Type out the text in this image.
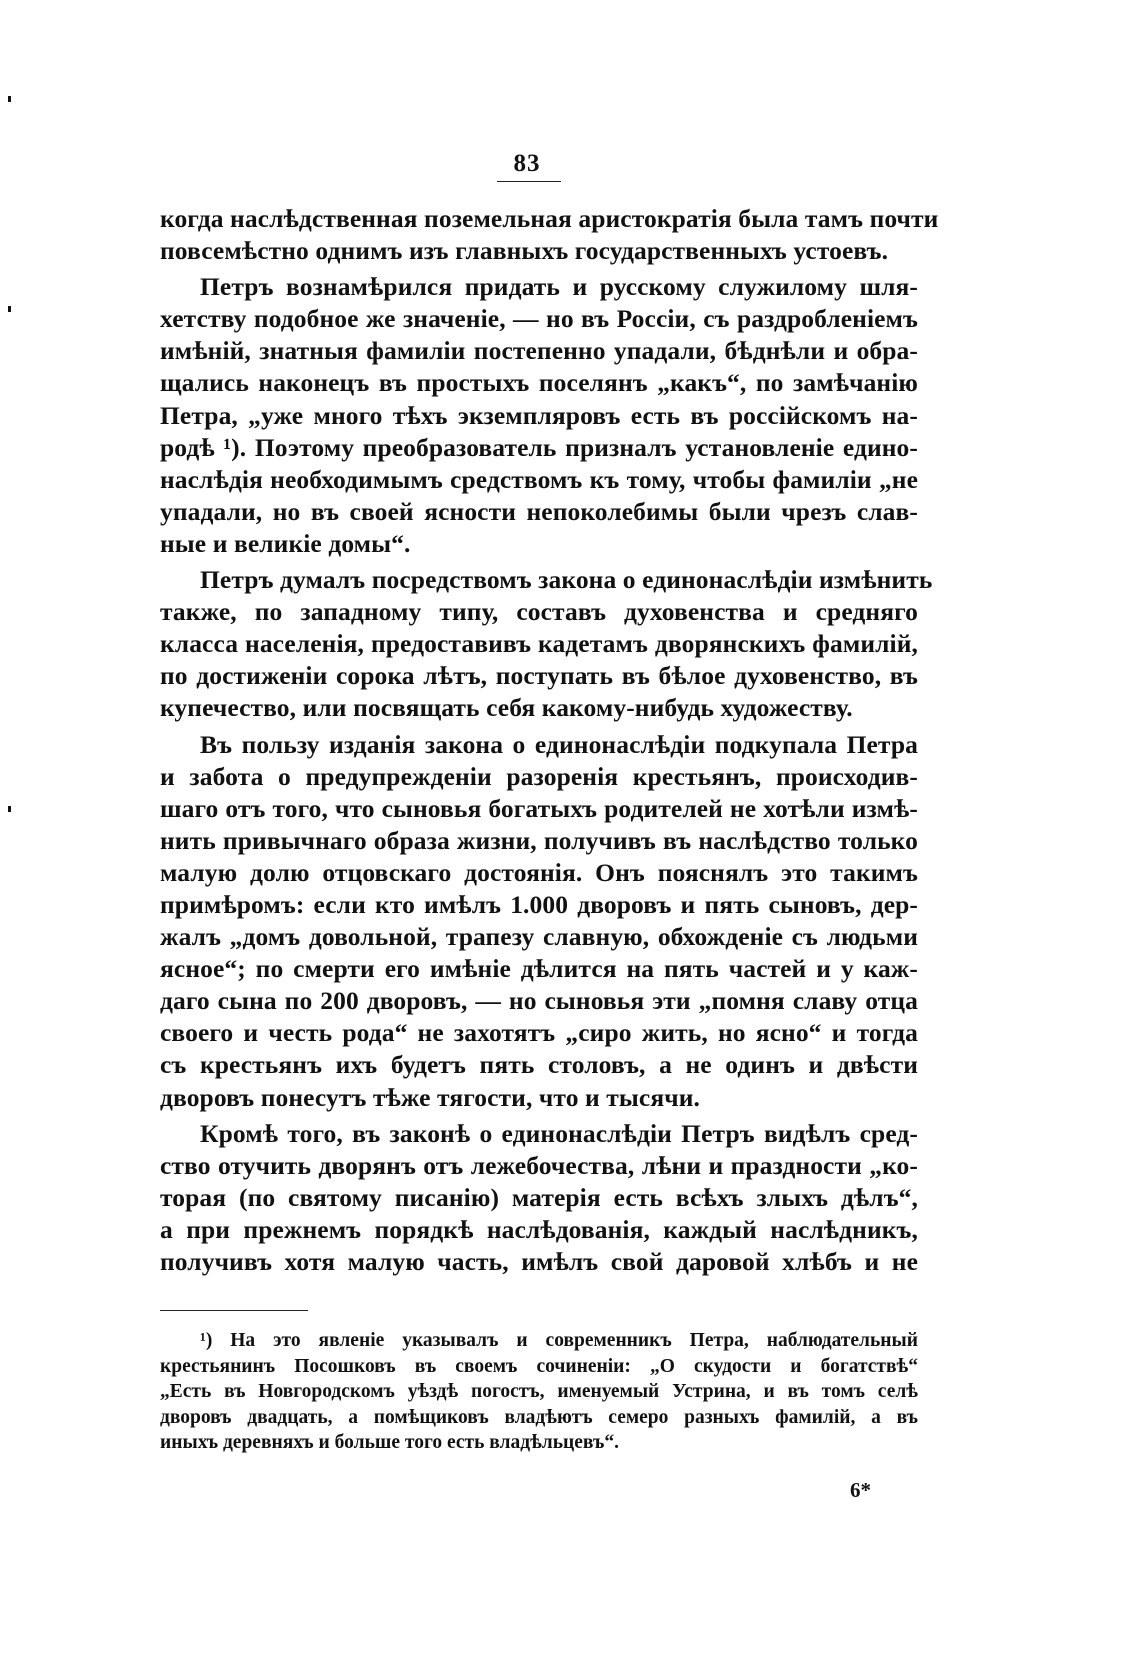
83
когда наслѣдственная поземельная аристократія была тамъ почти
повсемѣстно однимъ изъ главныхъ государственныхъ устоевъ.
Петръ вознамѣрился придать и русскому служилому шля-
хетству подобное же значеніе, — но въ Россіи, съ раздробленіемъ
имѣній, знатныя фамиліи постепенно упадали, бѣднѣли и обра-
щались наконецъ въ простыхъ поселянъ „какъ“, по замѣчанію
Петра, „уже много тѣхъ экземпляровъ есть въ россійскомъ на-
родѣ ¹). Поэтому преобразователь призналъ установленіе едино-
наслѣдія необходимымъ средствомъ къ тому, чтобы фамиліи „не
упадали, но въ своей ясности непоколебимы были чрезъ слав-
ные и великіе домы“.
Петръ думалъ посредствомъ закона о единонаслѣдіи измѣнить
также, по западному типу, составъ духовенства и средняго
класса населенія, предоставивъ кадетамъ дворянскихъ фамилій,
по достиженіи сорока лѣтъ, поступать въ бѣлое духовенство, въ
купечество, или посвящать себя какому-нибудь художеству.
Въ пользу изданія закона о единонаслѣдіи подкупала Петра
и забота о предупрежденіи разоренія крестьянъ, происходив-
шаго отъ того, что сыновья богатыхъ родителей не хотѣли измѣ-
нить привычнаго образа жизни, получивъ въ наслѣдство только
малую долю отцовскаго достоянія. Онъ пояснялъ это такимъ
примѣромъ: если кто имѣлъ 1.000 дворовъ и пять сыновъ, дер-
жалъ „домъ довольной, трапезу славную, обхожденіе съ людьми
ясное“; по смерти его имѣніе дѣлится на пять частей и у каж-
даго сына по 200 дворовъ, — но сыновья эти „помня славу отца
своего и честь рода“ не захотятъ „сиро жить, но ясно“ и тогда
съ крестьянъ ихъ будетъ пять столовъ, а не одинъ и двѣсти
дворовъ понесутъ тѣже тягости, что и тысячи.
Кромѣ того, въ законѣ о единонаслѣдіи Петръ видѣлъ сред-
ство отучить дворянъ отъ лежебочества, лѣни и праздности „ко-
торая (по святому писанію) матерія есть всѣхъ злыхъ дѣлъ“,
а при прежнемъ порядкѣ наслѣдованія, каждый наслѣдникъ,
получивъ хотя малую часть, имѣлъ свой даровой хлѣбъ и не
¹) На это явленіе указывалъ и современникъ Петра, наблюдательный
крестьянинъ Посошковъ въ своемъ сочиненіи: „О скудости и богатствѣ“
„Есть въ Новгородскомъ уѣздѣ погостъ, именуемый Устрина, и въ томъ селѣ
дворовъ двадцать, а помѣщиковъ владѣютъ семеро разныхъ фамилій, а въ
иныхъ деревняхъ и больше того есть владѣльцевъ“.
6*
